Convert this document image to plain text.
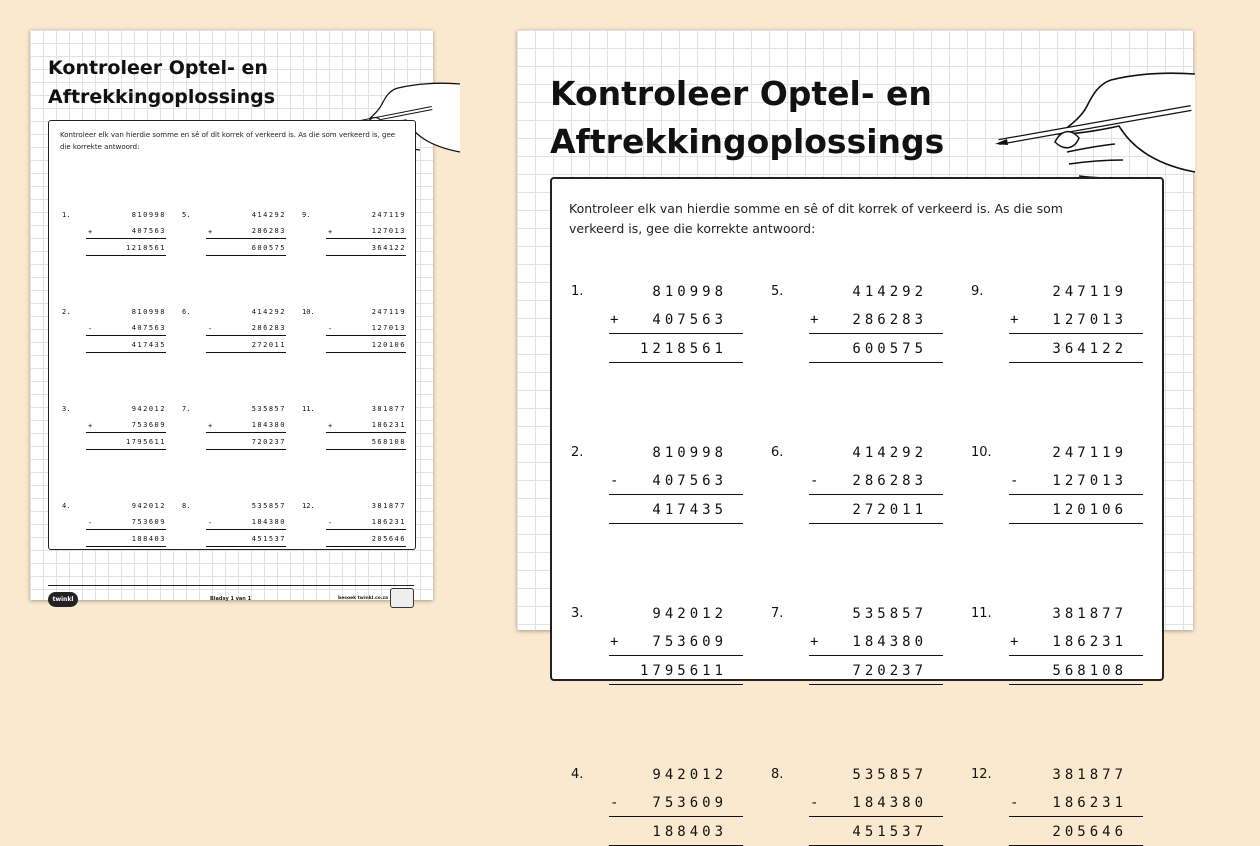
Kontroleer Optel- en Aftrekkingoplossings

Kontroleer elk van hierdie somme en sê of dit korrek of verkeerd is. As die som verkeerd is, gee die korrekte antwoord:

1.	810998
+	407563
1218561
5.	414292
+	286283
600575
9.	247119
+	127013
364122
2.	810998
-	407563
417435
6.	414292
-	286283
272011
10.	247119
-	127013
120106
3.	942012
+	753609
1795611
7.	535857
+	184380
720237
11.	381877
+	186231
568108
4.	942012
-	753609
188403
8.	535857
-	184380
451537
12.	381877
-	186231
205646
twinkl	Bladsy 1 van 1	besoek twinkl.co.za
Kontroleer Optel- en Aftrekkingoplossings

Kontroleer elk van hierdie somme en sê of dit korrek of verkeerd is. As die som verkeerd is, gee die korrekte antwoord:

1.	810998
+	407563
1218561
5.	414292
+	286283
600575
9.	247119
+	127013
364122
2.	810998
-	407563
417435
6.	414292
-	286283
272011
10.	247119
-	127013
120106
3.	942012
+	753609
1795611
7.	535857
+	184380
720237
11.	381877
+	186231
568108
4.	942012
-	753609
188403
8.	535857
-	184380
451537
12.	381877
-	186231
205646
